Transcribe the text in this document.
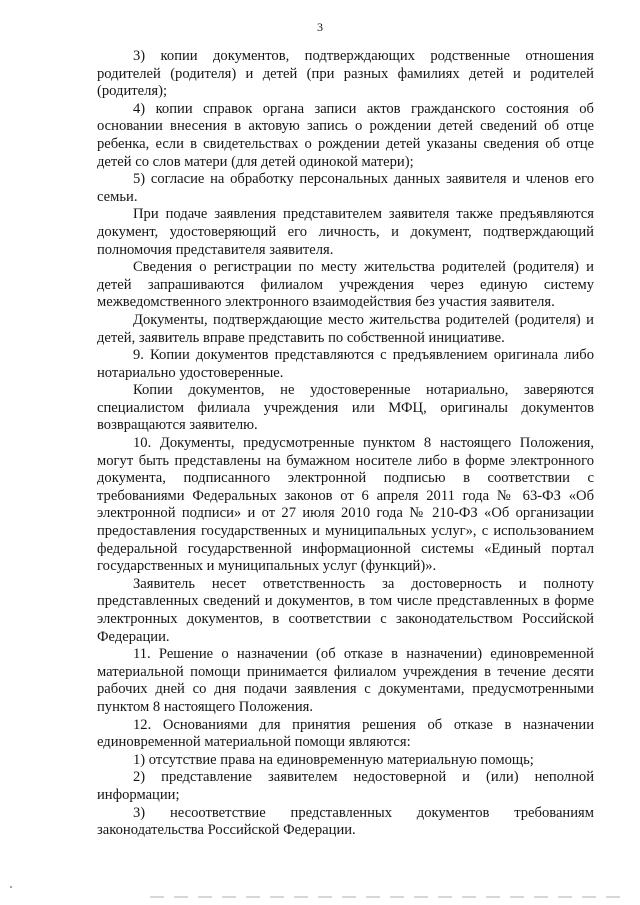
3

3) копии документов, подтверждающих родственные отношения родителей (родителя) и детей (при разных фамилиях детей и родителей (родителя);

4) копии справок органа записи актов гражданского состояния об основании внесения в актовую запись о рождении детей сведений об отце ребенка, если в свидетельствах о рождении детей указаны сведения об отце детей со слов матери (для детей одинокой матери);

5) согласие на обработку персональных данных заявителя и членов его семьи.

При подаче заявления представителем заявителя также предъявляются документ, удостоверяющий его личность, и документ, подтверждающий полномочия представителя заявителя.

Сведения о регистрации по месту жительства родителей (родителя) и детей запрашиваются филиалом учреждения через единую систему межведомственного электронного взаимодействия без участия заявителя.

Документы, подтверждающие место жительства родителей (родителя) и детей, заявитель вправе представить по собственной инициативе.

9. Копии документов представляются с предъявлением оригинала либо нотариально удостоверенные.

Копии документов, не удостоверенные нотариально, заверяются специалистом филиала учреждения или МФЦ, оригиналы документов возвращаются заявителю.

10. Документы, предусмотренные пунктом 8 настоящего Положения, могут быть представлены на бумажном носителе либо в форме электронного документа, подписанного электронной подписью в соответствии с требованиями Федеральных законов от 6 апреля 2011 года № 63-ФЗ «Об электронной подписи» и от 27 июля 2010 года № 210-ФЗ «Об организации предоставления государственных и муниципальных услуг», с использованием федеральной государственной информационной системы «Единый портал государственных и муниципальных услуг (функций)».

Заявитель несет ответственность за достоверность и полноту представленных сведений и документов, в том числе представленных в форме электронных документов, в соответствии с законодательством Российской Федерации.

11. Решение о назначении (об отказе в назначении) единовременной материальной помощи принимается филиалом учреждения в течение десяти рабочих дней со дня подачи заявления с документами, предусмотренными пунктом 8 настоящего Положения.

12. Основаниями для принятия решения об отказе в назначении единовременной материальной помощи являются:

1) отсутствие права на единовременную материальную помощь;

2) представление заявителем недостоверной и (или) неполной информации;

3) несоответствие представленных документов требованиям законодательства Российской Федерации.
